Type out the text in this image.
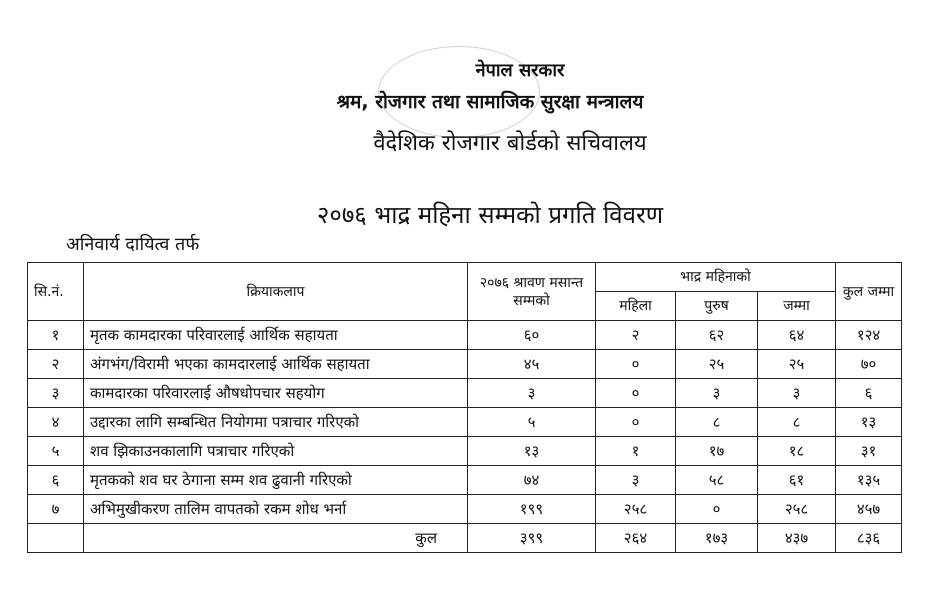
नेपाल सरकार
श्रम, रोजगार तथा सामाजिक सुरक्षा मन्त्रालय
वैदेशिक रोजगार बोर्डको सचिवालय
२०७६ भाद्र महिना सम्मको प्रगति विवरण
अनिवार्य दायित्व तर्फ
सि.नं.	क्रियाकलाप	२०७६ श्रावण मसान्त सम्मको	भाद्र महिनाको			कुल जम्मा
			महिला	पुरुष	जम्मा	
१	मृतक कामदारका परिवारलाई आर्थिक सहायता	६०	२	६२	६४	१२४
२	अंगभंग/विरामी भएका कामदारलाई आर्थिक सहायता	४५	०	२५	२५	७०
३	कामदारका परिवारलाई औषधोपचार सहयोग	३	०	३	३	६
४	उद्दारका लागि सम्बन्धित नियोगमा पत्राचार गरिएको	५	०	८	८	१३
५	शव झिकाउनकालागि पत्राचार गरिएको	१३	१	१७	१८	३१
६	मृतकको शव घर ठेगाना सम्म शव ढुवानी गरिएको	७४	३	५८	६१	१३५
७	अभिमुखीकरण तालिम वापतको रकम शोध भर्ना	१९९	२५८	०	२५८	४५७
	कुल	३९९	२६४	१७३	४३७	८३६
